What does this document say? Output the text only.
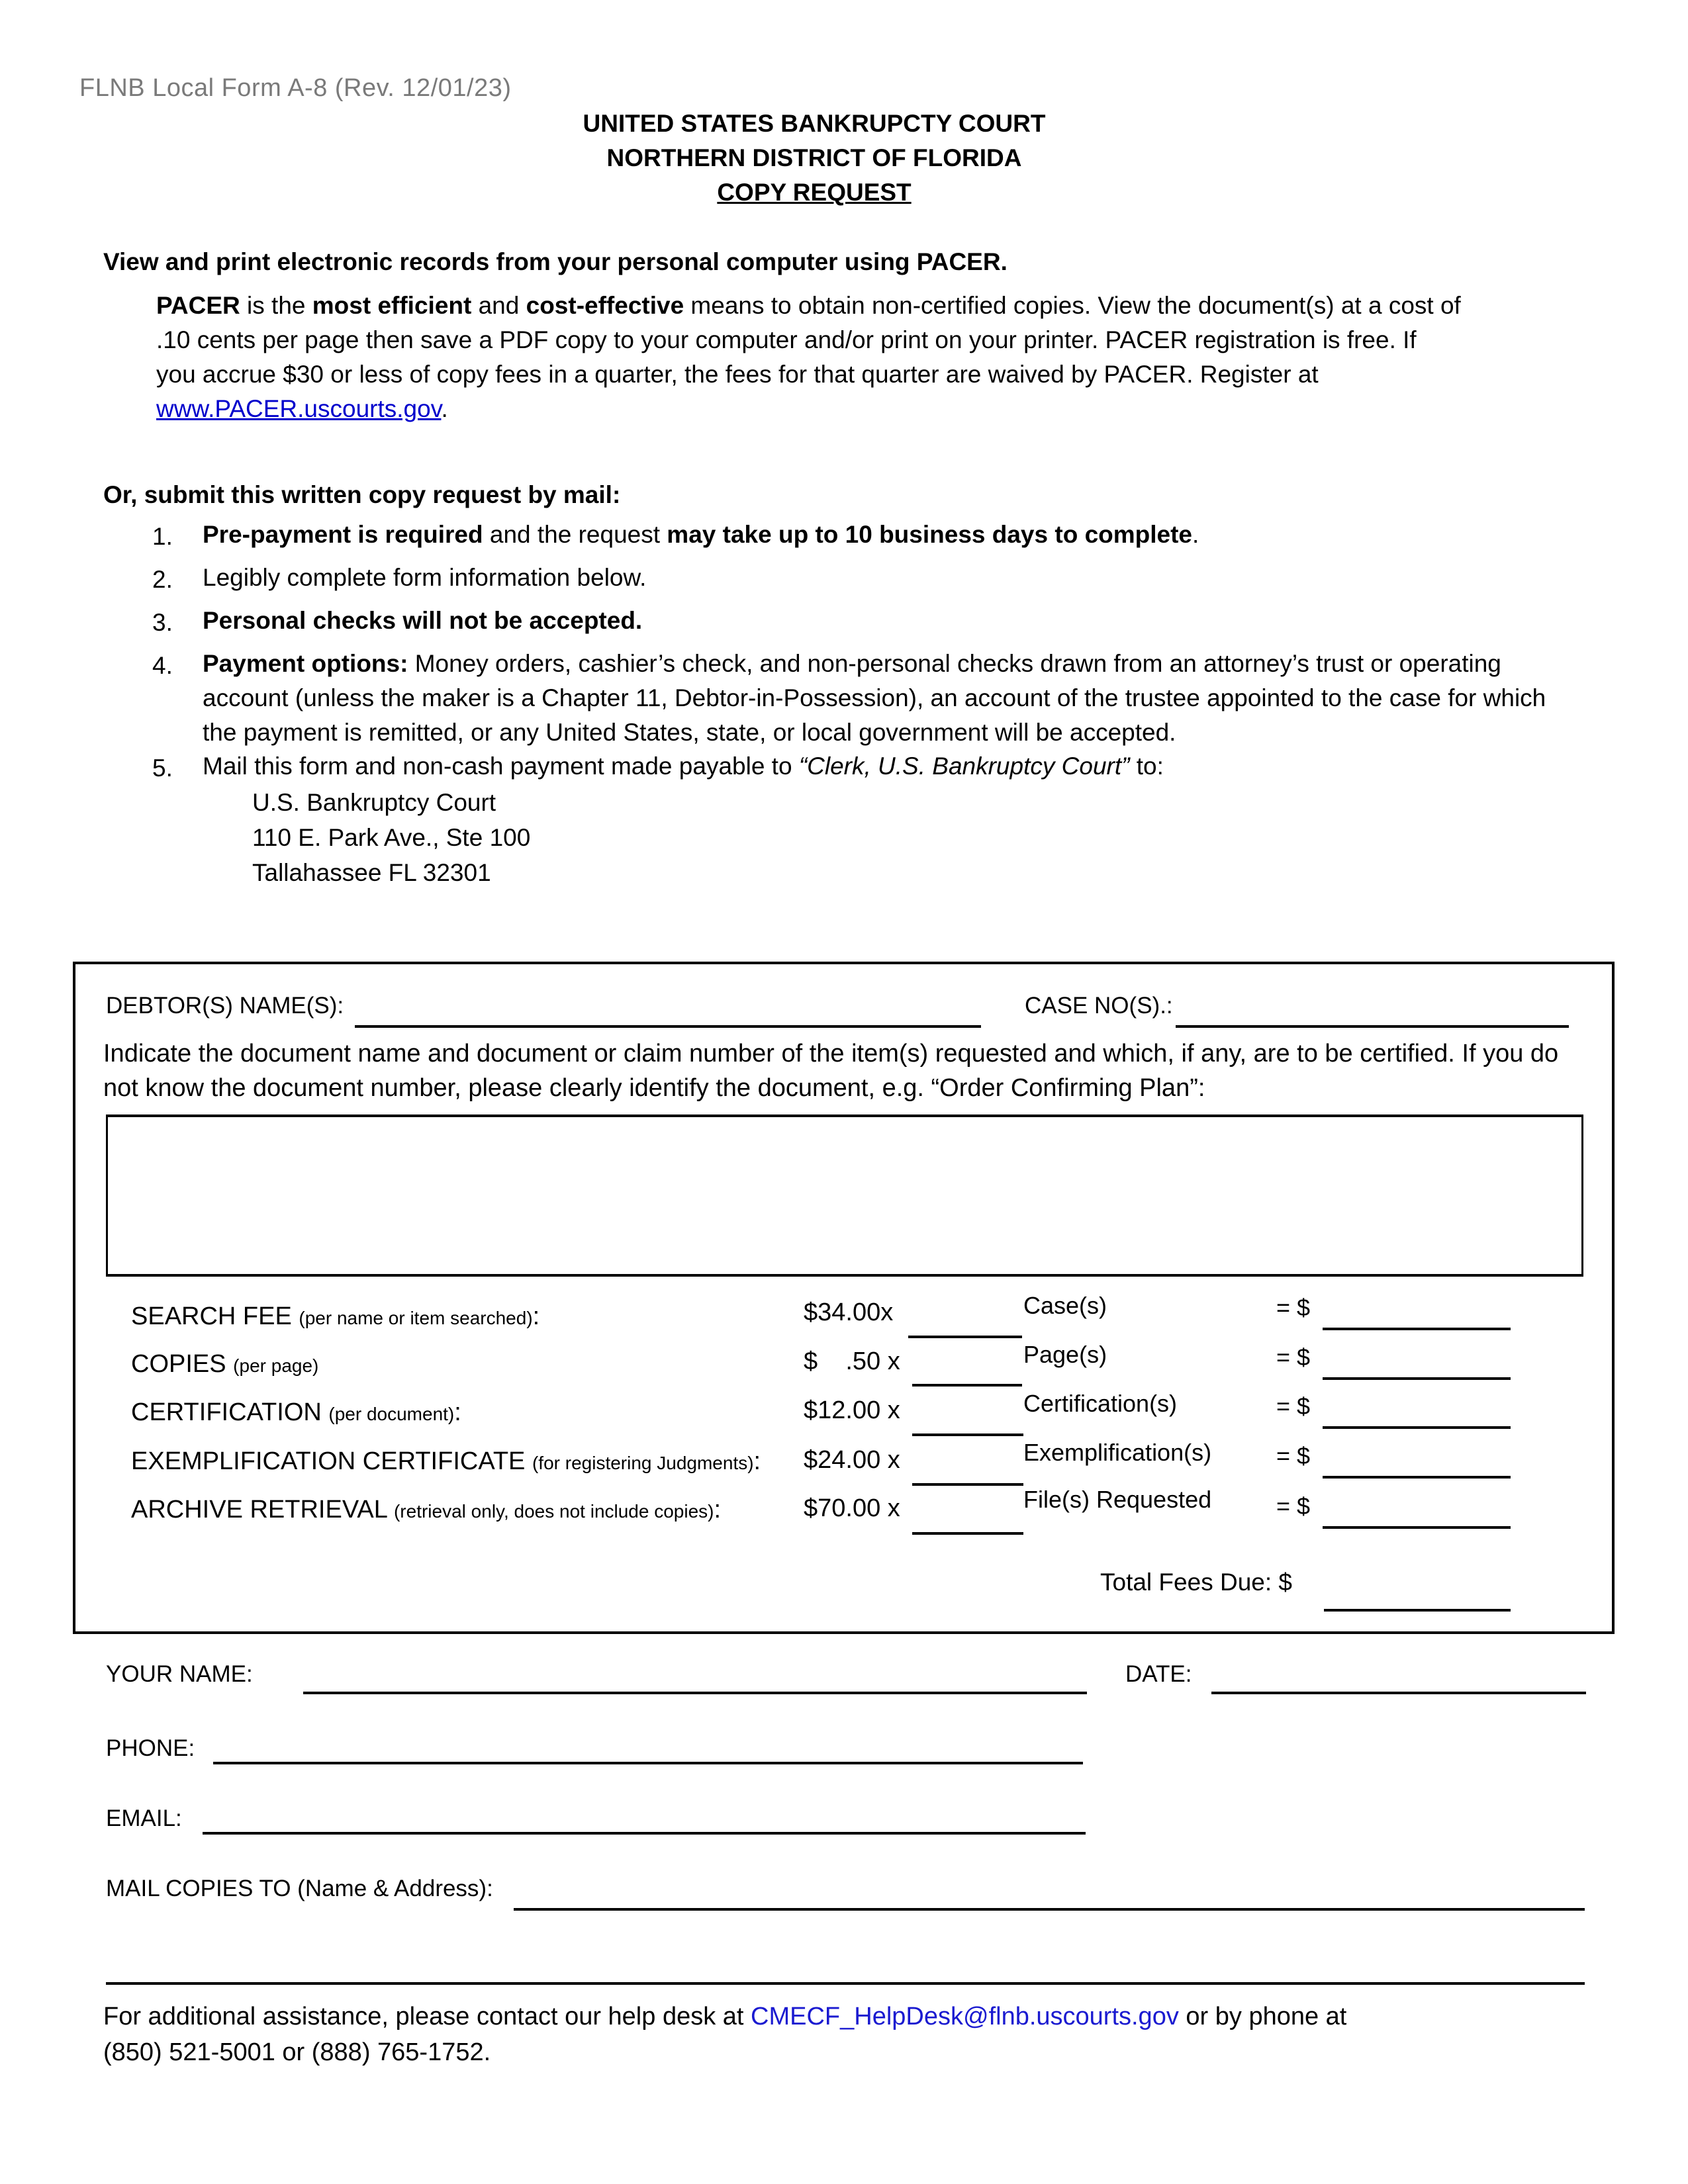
FLNB Local Form A-8 (Rev. 12/01/23)
UNITED STATES BANKRUPCTY COURT
NORTHERN DISTRICT OF FLORIDA
COPY REQUEST
View and print electronic records from your personal computer using PACER.
PACER is the most efficient and cost-effective means to obtain non-certified copies. View the document(s) at a cost of
.10 cents per page then save a PDF copy to your computer and/or print on your printer. PACER registration is free. If
you accrue $30 or less of copy fees in a quarter, the fees for that quarter are waived by PACER. Register at
www.PACER.uscourts.gov.
Or, submit this written copy request by mail:
1. Pre-payment is required and the request may take up to 10 business days to complete.
2. Legibly complete form information below.
3. Personal checks will not be accepted.
4. Payment options: Money orders, cashier’s check, and non-personal checks drawn from an attorney’s trust or operating account (unless the maker is a Chapter 11, Debtor-in-Possession), an account of the trustee appointed to the case for which the payment is remitted, or any United States, state, or local government will be accepted.
5. Mail this form and non-cash payment made payable to “Clerk, U.S. Bankruptcy Court” to:
U.S. Bankruptcy Court
110 E. Park Ave., Ste 100
Tallahassee FL 32301
DEBTOR(S) NAME(S):	CASE NO(S).:
Indicate the document name and document or claim number of the item(s) requested and which, if any, are to be certified. If you do not know the document number, please clearly identify the document, e.g. “Order Confirming Plan”:
SEARCH FEE (per name or item searched):	$34.00x	Case(s)	= $
COPIES (per page)	$    .50 x	Page(s)	= $
CERTIFICATION (per document):	$12.00 x	Certification(s)	= $
EXEMPLIFICATION CERTIFICATE (for registering Judgments): $24.00 x	Exemplification(s)	= $
ARCHIVE RETRIEVAL (retrieval only, does not include copies):	$70.00 x	File(s) Requested	= $
Total Fees Due: $
YOUR NAME:	DATE:
PHONE:
EMAIL:
MAIL COPIES TO (Name & Address):
For additional assistance, please contact our help desk at CMECF_HelpDesk@flnb.uscourts.gov or by phone at
(850) 521-5001 or (888) 765-1752.
